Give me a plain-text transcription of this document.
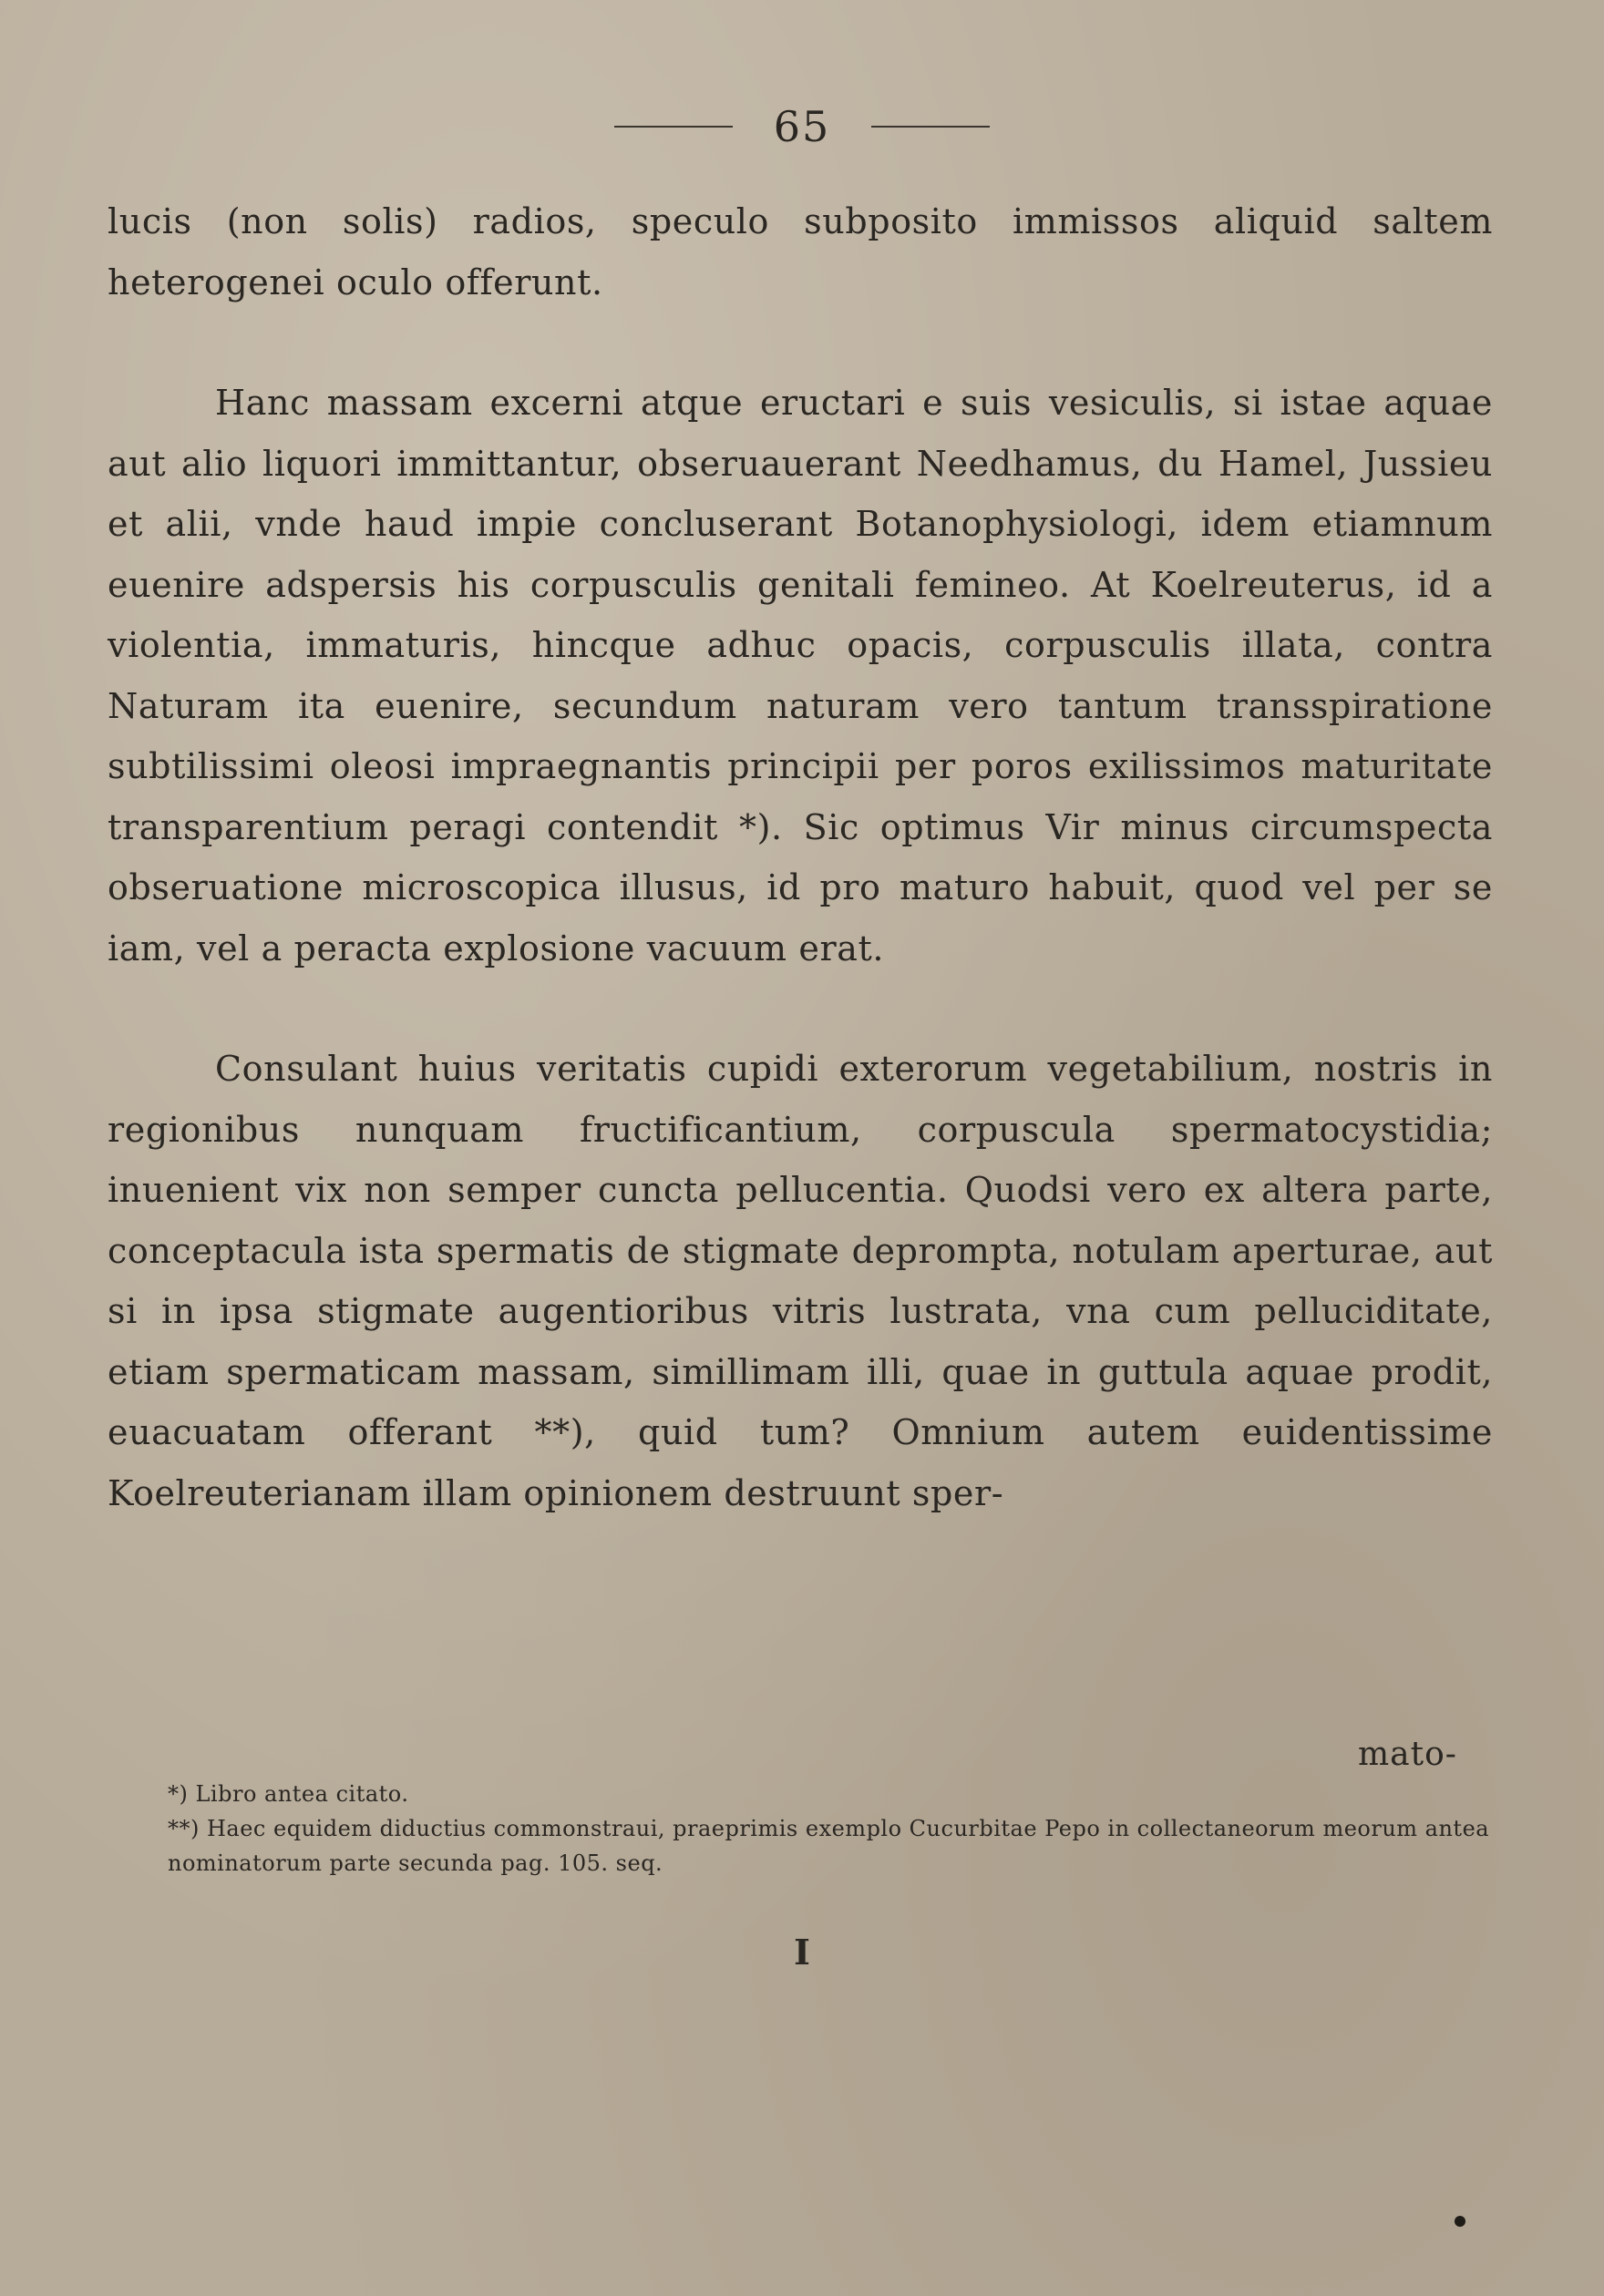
65

lucis (non solis) radios, speculo subposito immissos aliquid saltem heterogenei oculo offerunt.

Hanc massam excerni atque eructari e suis vesiculis, si istae aquae aut alio liquori immittantur, obseruauerant Needhamus, du Hamel, Jussieu et alii, vnde haud impie concluserant Botanophysiologi, idem etiamnum euenire adspersis his corpusculis genitali femineo. At Koelreuterus, id a violentia, immaturis, hincque adhuc opacis, corpusculis illata, contra Naturam ita euenire, secundum naturam vero tantum transspiratione subtilissimi oleosi impraegnantis principii per poros exilissimos maturitate transparentium peragi contendit *). Sic optimus Vir minus circumspecta obseruatione microscopica illusus, id pro maturo habuit, quod vel per se iam, vel a peracta explosione vacuum erat.

Consulant huius veritatis cupidi exterorum vegetabilium, nostris in regionibus nunquam fructificantium, corpuscula spermatocystidia; inuenient vix non semper cuncta pellucentia. Quodsi vero ex altera parte, conceptacula ista spermatis de stigmate deprompta, notulam aperturae, aut si in ipsa stigmate augentioribus vitris lustrata, vna cum pelluciditate, etiam spermaticam massam, simillimam illi, quae in guttula aquae prodit, euacuatam offerant **), quid tum? Omnium autem euidentissime Koelreuterianam illam opinionem destruunt sper-

mato-

*) Libro antea citato.

**) Haec equidem diductius commonstraui, praeprimis exemplo Cucurbitae Pepo in collectaneorum meorum antea nominatorum parte secunda pag. 105. seq.

I
